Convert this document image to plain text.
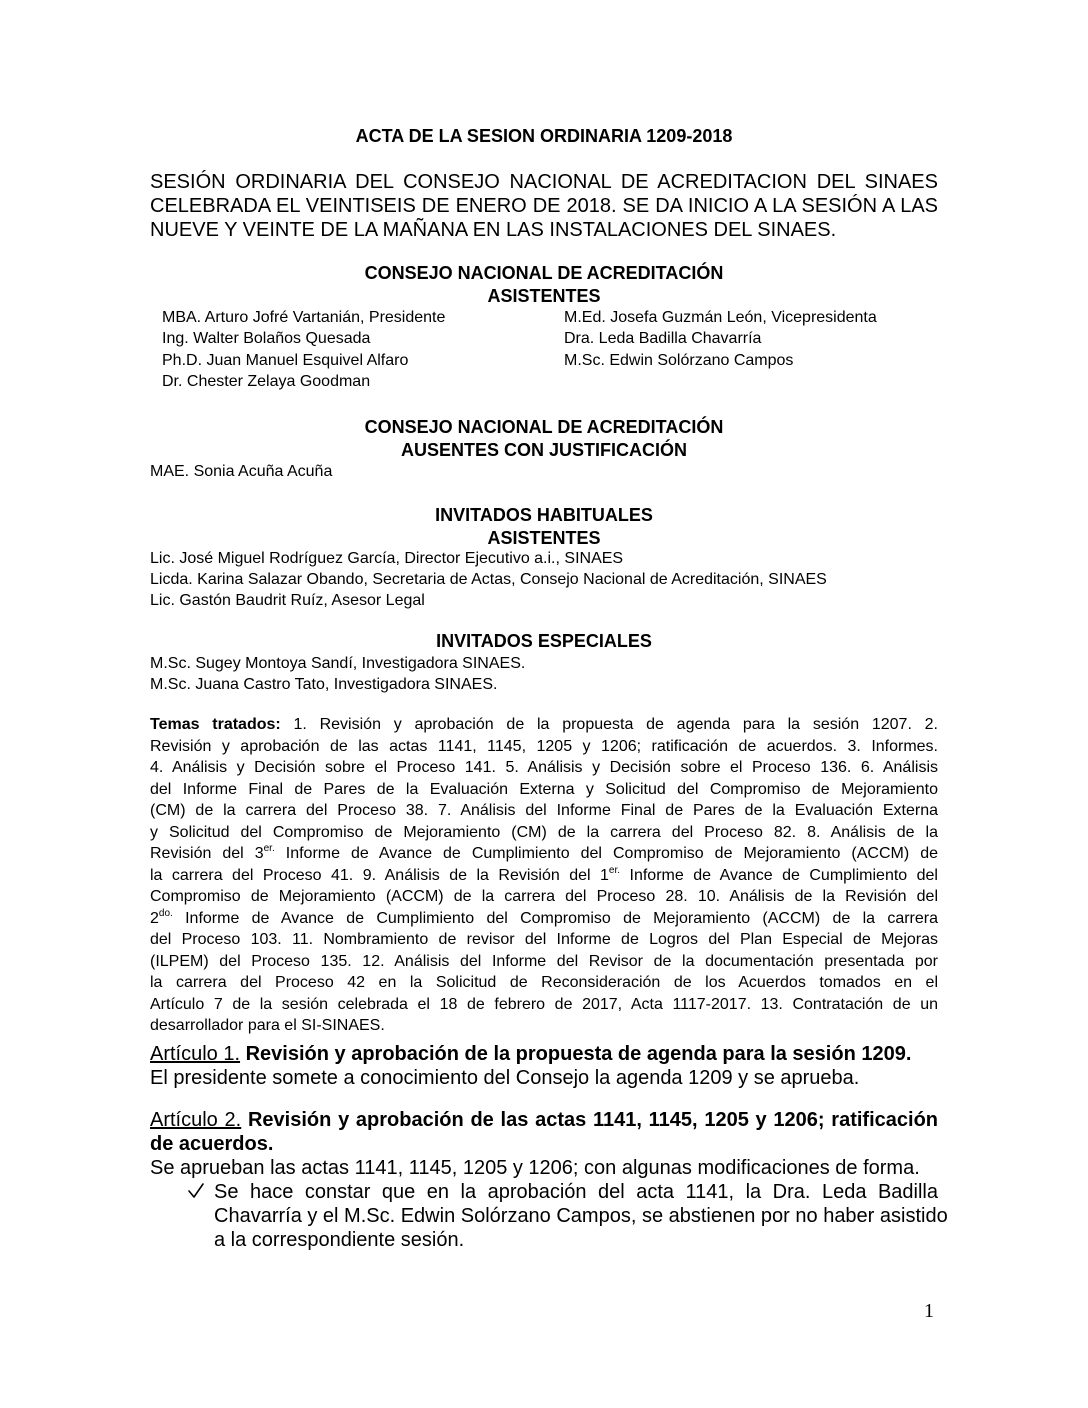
ACTA DE LA SESION ORDINARIA 1209-2018
SESIÓN ORDINARIA DEL CONSEJO NACIONAL DE ACREDITACION DEL SINAES
CELEBRADA EL VEINTISEIS DE ENERO DE 2018. SE DA INICIO A LA SESIÓN A LAS
NUEVE Y VEINTE DE LA MAÑANA EN LAS INSTALACIONES DEL SINAES.
CONSEJO NACIONAL DE ACREDITACIÓN
ASISTENTES
MBA. Arturo Jofré Vartanián, Presidente
Ing. Walter Bolaños Quesada
Ph.D. Juan Manuel Esquivel Alfaro
Dr. Chester Zelaya Goodman
M.Ed. Josefa Guzmán León, Vicepresidenta
Dra. Leda Badilla Chavarría
M.Sc. Edwin Solórzano Campos
CONSEJO NACIONAL DE ACREDITACIÓN
AUSENTES CON JUSTIFICACIÓN
MAE. Sonia Acuña Acuña
INVITADOS HABITUALES
ASISTENTES
Lic. José Miguel Rodríguez García, Director Ejecutivo a.i., SINAES
Licda. Karina Salazar Obando, Secretaria de Actas, Consejo Nacional de Acreditación, SINAES
Lic. Gastón Baudrit Ruíz, Asesor Legal
INVITADOS ESPECIALES
M.Sc. Sugey Montoya Sandí, Investigadora SINAES.
M.Sc. Juana Castro Tato, Investigadora SINAES.
Temas tratados: 1. Revisión y aprobación de la propuesta de agenda para la sesión 1207. 2.
Revisión y aprobación de las actas 1141, 1145, 1205 y 1206; ratificación de acuerdos. 3. Informes.
4. Análisis y Decisión sobre el Proceso 141. 5. Análisis y Decisión sobre el Proceso 136. 6. Análisis
del Informe Final de Pares de la Evaluación Externa y Solicitud del Compromiso de Mejoramiento
(CM) de la carrera del Proceso 38. 7. Análisis del Informe Final de Pares de la Evaluación Externa
y Solicitud del Compromiso de Mejoramiento (CM) de la carrera del Proceso 82. 8. Análisis de la
Revisión del $3^{er.}$ Informe de Avance de Cumplimiento del Compromiso de Mejoramiento (ACCM) de
la carrera del Proceso 41. 9. Análisis de la Revisión del $1^{er.}$ Informe de Avance de Cumplimiento del
Compromiso de Mejoramiento (ACCM) de la carrera del Proceso 28. 10. Análisis de la Revisión del
$2^{do.}$ Informe de Avance de Cumplimiento del Compromiso de Mejoramiento (ACCM) de la carrera
del Proceso 103. 11. Nombramiento de revisor del Informe de Logros del Plan Especial de Mejoras
(ILPEM) del Proceso 135. 12. Análisis del Informe del Revisor de la documentación presentada por
la carrera del Proceso 42 en la Solicitud de Reconsideración de los Acuerdos tomados en el
Artículo 7 de la sesión celebrada el 18 de febrero de 2017, Acta 1117-2017. 13. Contratación de un
desarrollador para el SI-SINAES.
Artículo 1. Revisión y aprobación de la propuesta de agenda para la sesión 1209.
El presidente somete a conocimiento del Consejo la agenda 1209 y se aprueba.
Artículo 2. Revisión y aprobación de las actas 1141, 1145, 1205 y 1206; ratificación
de acuerdos.
Se aprueban las actas 1141, 1145, 1205 y 1206; con algunas modificaciones de forma.
Se hace constar que en la aprobación del acta 1141, la Dra. Leda Badilla
Chavarría y el M.Sc. Edwin Solórzano Campos, se abstienen por no haber asistido
a la correspondiente sesión.
1
